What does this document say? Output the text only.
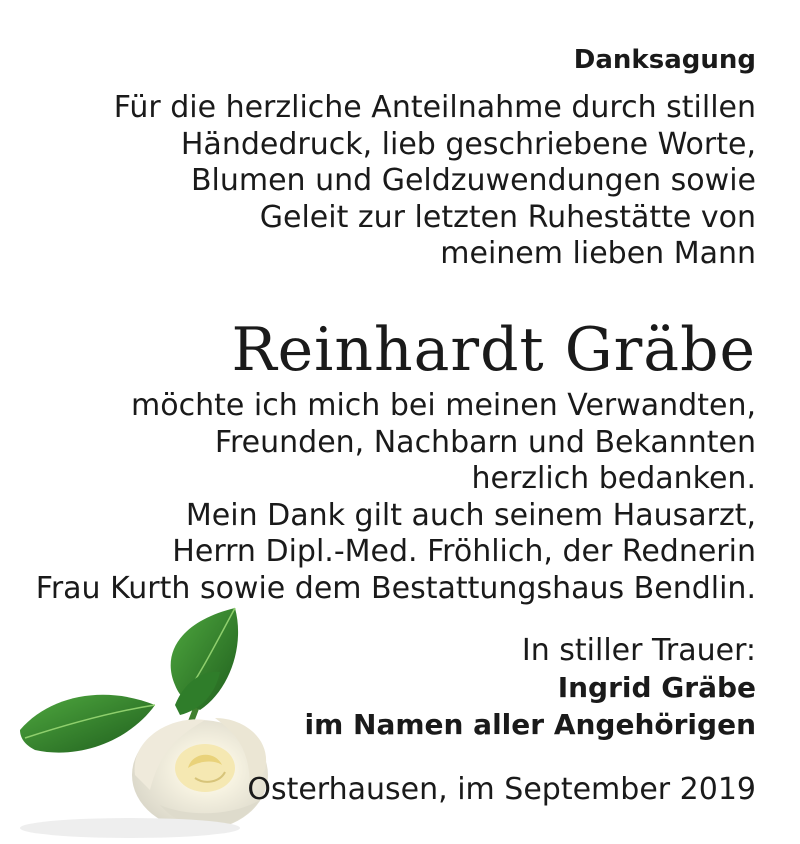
Danksagung

Für die herzliche Anteilnahme durch stillen
Händedruck, lieb geschriebene Worte,
Blumen und Geldzuwendungen sowie
Geleit zur letzten Ruhestätte von
meinem lieben Mann

Reinhardt Gräbe

möchte ich mich bei meinen Verwandten,
Freunden, Nachbarn und Bekannten
herzlich bedanken.
Mein Dank gilt auch seinem Hausarzt,
Herrn Dipl.-Med. Fröhlich, der Rednerin
Frau Kurth sowie dem Bestattungshaus Bendlin.

In stiller Trauer:
Ingrid Gräbe
im Namen aller Angehörigen

Osterhausen, im September 2019
